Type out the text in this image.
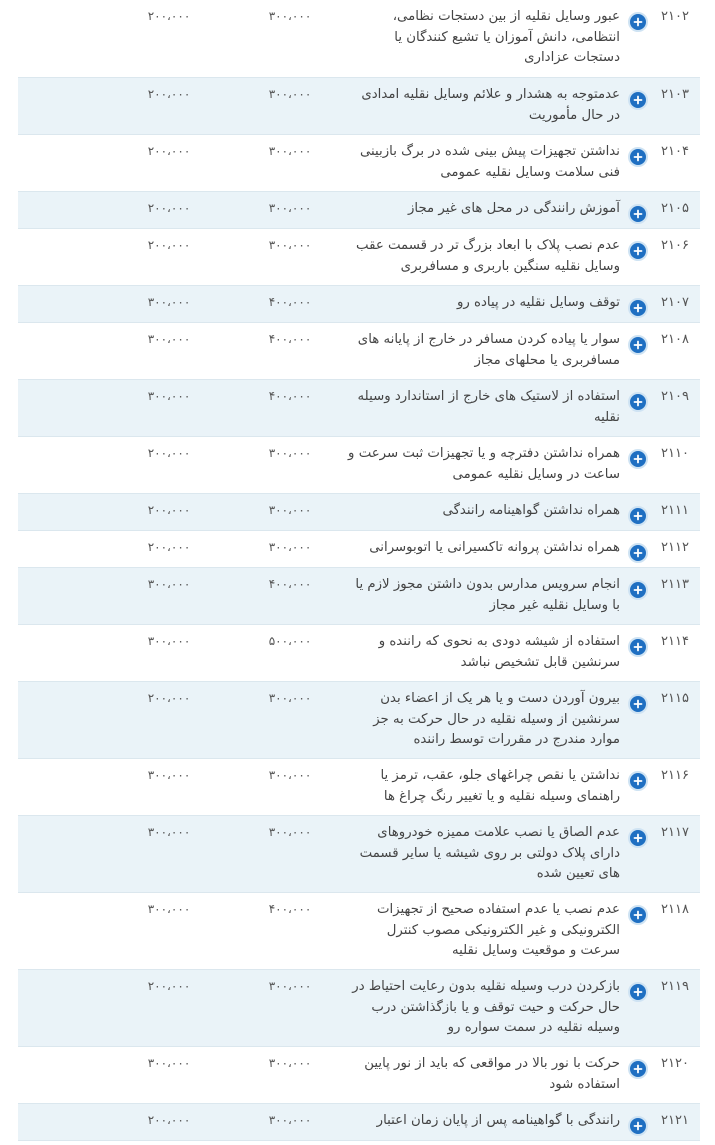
۲۱۰۲
عبور وسایل نقلیه از بین دستجات نظامی، انتظامی، دانش آموزان یا تشیع کنندگان یا دستجات عزاداری
۳۰۰،۰۰۰
۲۰۰،۰۰۰
۲۱۰۳
عدمتوجه به هشدار و علائم وسایل نقلیه امدادی در حال مأموریت
۳۰۰،۰۰۰
۲۰۰،۰۰۰
۲۱۰۴
نداشتن تجهیزات پیش بینی شده در برگ بازبینی فنی سلامت وسایل نقلیه عمومی
۳۰۰،۰۰۰
۲۰۰،۰۰۰
۲۱۰۵
آموزش رانندگی در محل های غیر مجاز
۳۰۰،۰۰۰
۲۰۰،۰۰۰
۲۱۰۶
عدم نصب پلاک با ابعاد بزرگ تر در قسمت عقب وسایل نقلیه سنگین باربری و مسافربری
۳۰۰،۰۰۰
۲۰۰،۰۰۰
۲۱۰۷
توقف وسایل نقلیه در پیاده رو
۴۰۰،۰۰۰
۳۰۰،۰۰۰
۲۱۰۸
سوار یا پیاده کردن مسافر در خارج از پایانه های مسافربری یا محلهای مجاز
۴۰۰،۰۰۰
۳۰۰،۰۰۰
۲۱۰۹
استفاده از لاستیک های خارج از استاندارد وسیله نقلیه
۴۰۰،۰۰۰
۳۰۰،۰۰۰
۲۱۱۰
همراه نداشتن دفترچه و یا تجهیزات ثبت سرعت و ساعت در وسایل نقلیه عمومی
۳۰۰،۰۰۰
۲۰۰،۰۰۰
۲۱۱۱
همراه نداشتن گواهینامه رانندگی
۳۰۰،۰۰۰
۲۰۰،۰۰۰
۲۱۱۲
همراه نداشتن پروانه تاکسیرانی یا اتوبوسرانی
۳۰۰،۰۰۰
۲۰۰،۰۰۰
۲۱۱۳
انجام سرویس مدارس بدون داشتن مجوز لازم یا با وسایل نقلیه غیر مجاز
۴۰۰،۰۰۰
۳۰۰،۰۰۰
۲۱۱۴
استفاده از شیشه دودی به نحوی که راننده و سرنشین قابل تشخیص نباشد
۵۰۰،۰۰۰
۳۰۰،۰۰۰
۲۱۱۵
بیرون آوردن دست و یا هر یک از اعضاء بدن سرنشین از وسیله نقلیه در حال حرکت به جز موارد مندرج در مقررات توسط راننده
۳۰۰،۰۰۰
۲۰۰،۰۰۰
۲۱۱۶
نداشتن یا نقص چراغهای جلو، عقب، ترمز یا راهنمای وسیله نقلیه و یا تغییر رنگ چراغ ها
۳۰۰،۰۰۰
۳۰۰،۰۰۰
۲۱۱۷
عدم الصاق یا نصب علامت ممیزه خودروهای دارای پلاک دولتی بر روی شیشه یا سایر قسمت های تعیین شده
۳۰۰،۰۰۰
۳۰۰،۰۰۰
۲۱۱۸
عدم نصب یا عدم استفاده صحیح از تجهیزات الکترونیکی و غیر الکترونیکی مصوب کنترل سرعت و موقعیت وسایل نقلیه
۴۰۰،۰۰۰
۳۰۰،۰۰۰
۲۱۱۹
بازکردن درب وسیله نقلیه بدون رعایت احتیاط در حال حرکت و حیت توقف و یا بازگذاشتن درب وسیله نقلیه در سمت سواره رو
۳۰۰،۰۰۰
۲۰۰،۰۰۰
۲۱۲۰
حرکت با نور بالا در مواقعی که باید از نور پایین استفاده شود
۳۰۰،۰۰۰
۳۰۰،۰۰۰
۲۱۲۱
رانندگی با گواهینامه پس از پایان زمان اعتبار
۳۰۰،۰۰۰
۲۰۰،۰۰۰
